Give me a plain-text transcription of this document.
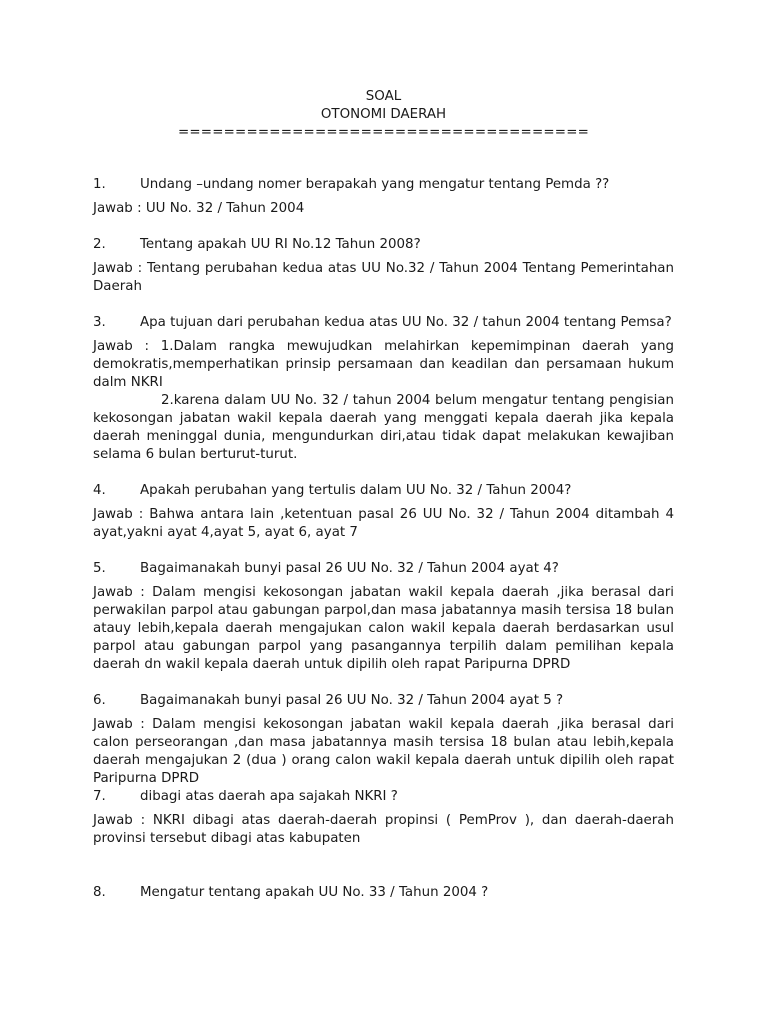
SOAL
OTONOMI DAERAH
====================================
1.	Undang –undang nomer berapakah yang mengatur tentang Pemda ??

Jawab : UU No. 32 / Tahun 2004

2.	Tentang apakah UU RI No.12 Tahun 2008?

Jawab : Tentang perubahan kedua atas UU No.32 / Tahun 2004 Tentang Pemerintahan Daerah

3.	Apa tujuan dari perubahan kedua atas UU No. 32 / tahun 2004 tentang Pemsa?

Jawab : 1.Dalam rangka mewujudkan melahirkan kepemimpinan daerah yang demokratis,memperhatikan prinsip persamaan dan keadilan dan persamaan hukum dalm NKRI

2.karena dalam UU No. 32 / tahun 2004 belum mengatur tentang pengisian kekosongan jabatan wakil kepala daerah yang menggati kepala daerah jika kepala daerah meninggal dunia, mengundurkan diri,atau tidak dapat melakukan kewajiban selama 6 bulan berturut-turut.

4.	Apakah perubahan yang tertulis dalam UU No. 32 / Tahun 2004?

Jawab : Bahwa antara lain ,ketentuan pasal 26 UU No. 32 / Tahun 2004 ditambah 4 ayat,yakni ayat 4,ayat 5, ayat 6, ayat 7

5.	Bagaimanakah bunyi pasal 26 UU No. 32 / Tahun 2004 ayat 4?

Jawab : Dalam mengisi kekosongan jabatan wakil kepala daerah ,jika berasal dari perwakilan parpol atau gabungan parpol,dan masa jabatannya masih tersisa 18 bulan atauy lebih,kepala daerah mengajukan calon wakil kepala daerah berdasarkan usul parpol atau gabungan parpol yang pasangannya terpilih dalam pemilihan kepala daerah dn wakil kepala daerah untuk dipilih oleh rapat Paripurna DPRD

6.	Bagaimanakah bunyi pasal 26 UU No. 32 / Tahun 2004 ayat 5 ?

Jawab : Dalam mengisi kekosongan jabatan wakil kepala daerah ,jika berasal dari calon perseorangan ,dan masa jabatannya masih tersisa 18 bulan atau lebih,kepala daerah mengajukan 2 (dua ) orang calon wakil kepala daerah untuk dipilih oleh rapat Paripurna DPRD

7.	dibagi atas daerah apa sajakah NKRI ?

Jawab : NKRI dibagi atas daerah-daerah propinsi ( PemProv ), dan daerah-daerah provinsi tersebut dibagi atas kabupaten

8.	Mengatur tentang apakah UU No. 33 / Tahun 2004 ?
